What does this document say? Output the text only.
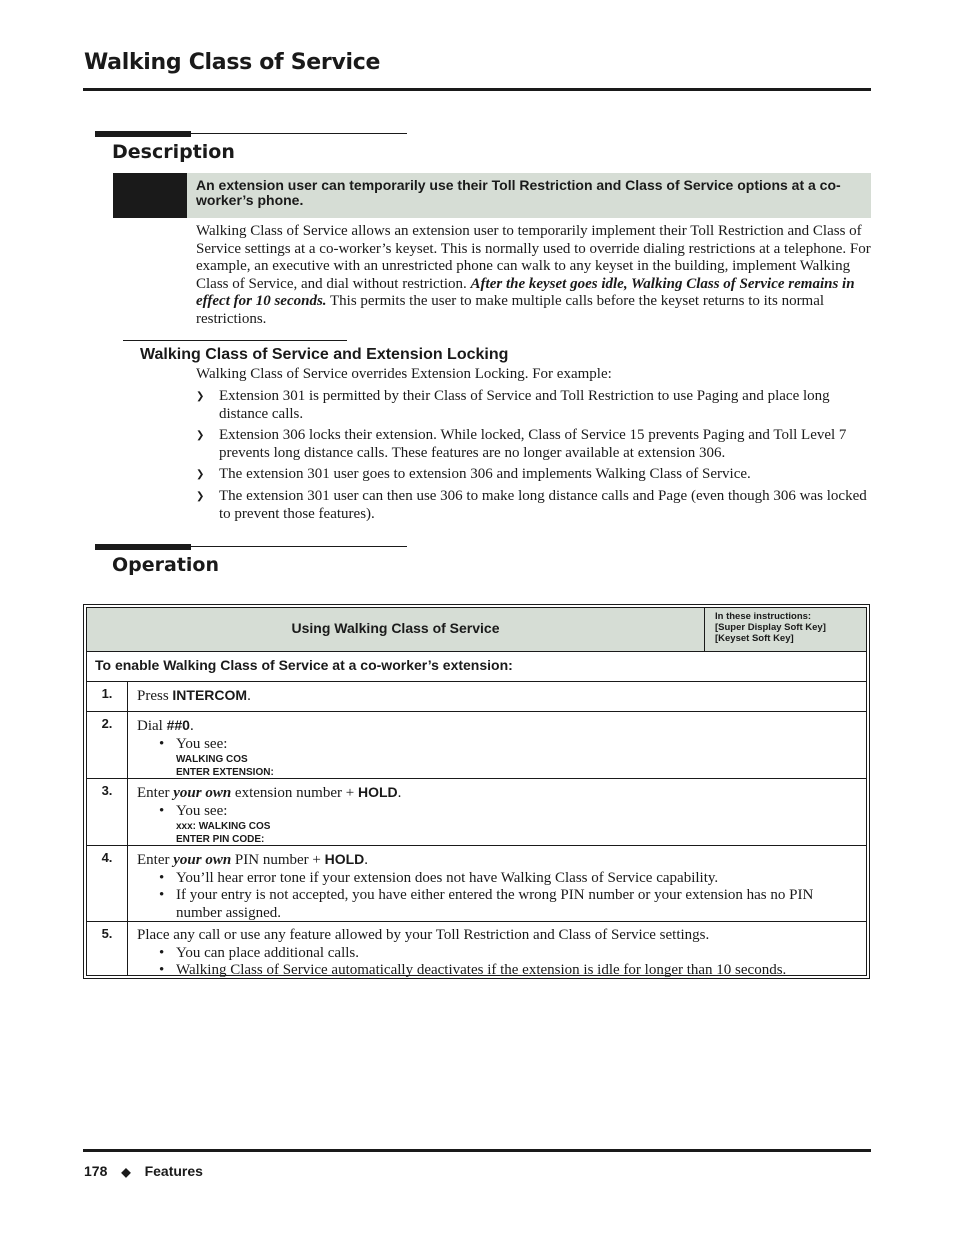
Walking Class of Service
Description
An extension user can temporarily use their Toll Restriction and Class of Service options at a co-worker’s phone.
Walking Class of Service allows an extension user to temporarily implement their Toll Restriction and Class of Service settings at a co-worker’s keyset. This is normally used to override dialing restrictions at a telephone. For example, an executive with an unrestricted phone can walk to any keyset in the building, implement Walking Class of Service, and dial without restriction. After the keyset goes idle, Walking Class of Service remains in effect for 10 seconds. This permits the user to make multiple calls before the keyset returns to its normal restrictions.
Walking Class of Service and Extension Locking
Walking Class of Service overrides Extension Locking. For example:
❯ Extension 301 is permitted by their Class of Service and Toll Restriction to use Paging and place long distance calls.
❯ Extension 306 locks their extension. While locked, Class of Service 15 prevents Paging and Toll Level 7 prevents long distance calls. These features are no longer available at extension 306.
❯ The extension 301 user goes to extension 306 and implements Walking Class of Service.
❯ The extension 301 user can then use 306 to make long distance calls and Page (even though 306 was locked to prevent those features).
Operation
Using Walking Class of Service
In these instructions:
[Super Display Soft Key]
[Keyset Soft Key]
To enable Walking Class of Service at a co-worker’s extension:
1.	Press INTERCOM.
2.	Dial ##0.
• You see:
WALKING COS
ENTER EXTENSION:
3.	Enter your own extension number + HOLD.
• You see:
xxx: WALKING COS
ENTER PIN CODE:
4.	Enter your own PIN number + HOLD.
• You’ll hear error tone if your extension does not have Walking Class of Service capability.
• If your entry is not accepted, you have either entered the wrong PIN number or your extension has no PIN number assigned.
5.	Place any call or use any feature allowed by your Toll Restriction and Class of Service settings.
• You can place additional calls.
• Walking Class of Service automatically deactivates if the extension is idle for longer than 10 seconds.
178 ◆ Features
